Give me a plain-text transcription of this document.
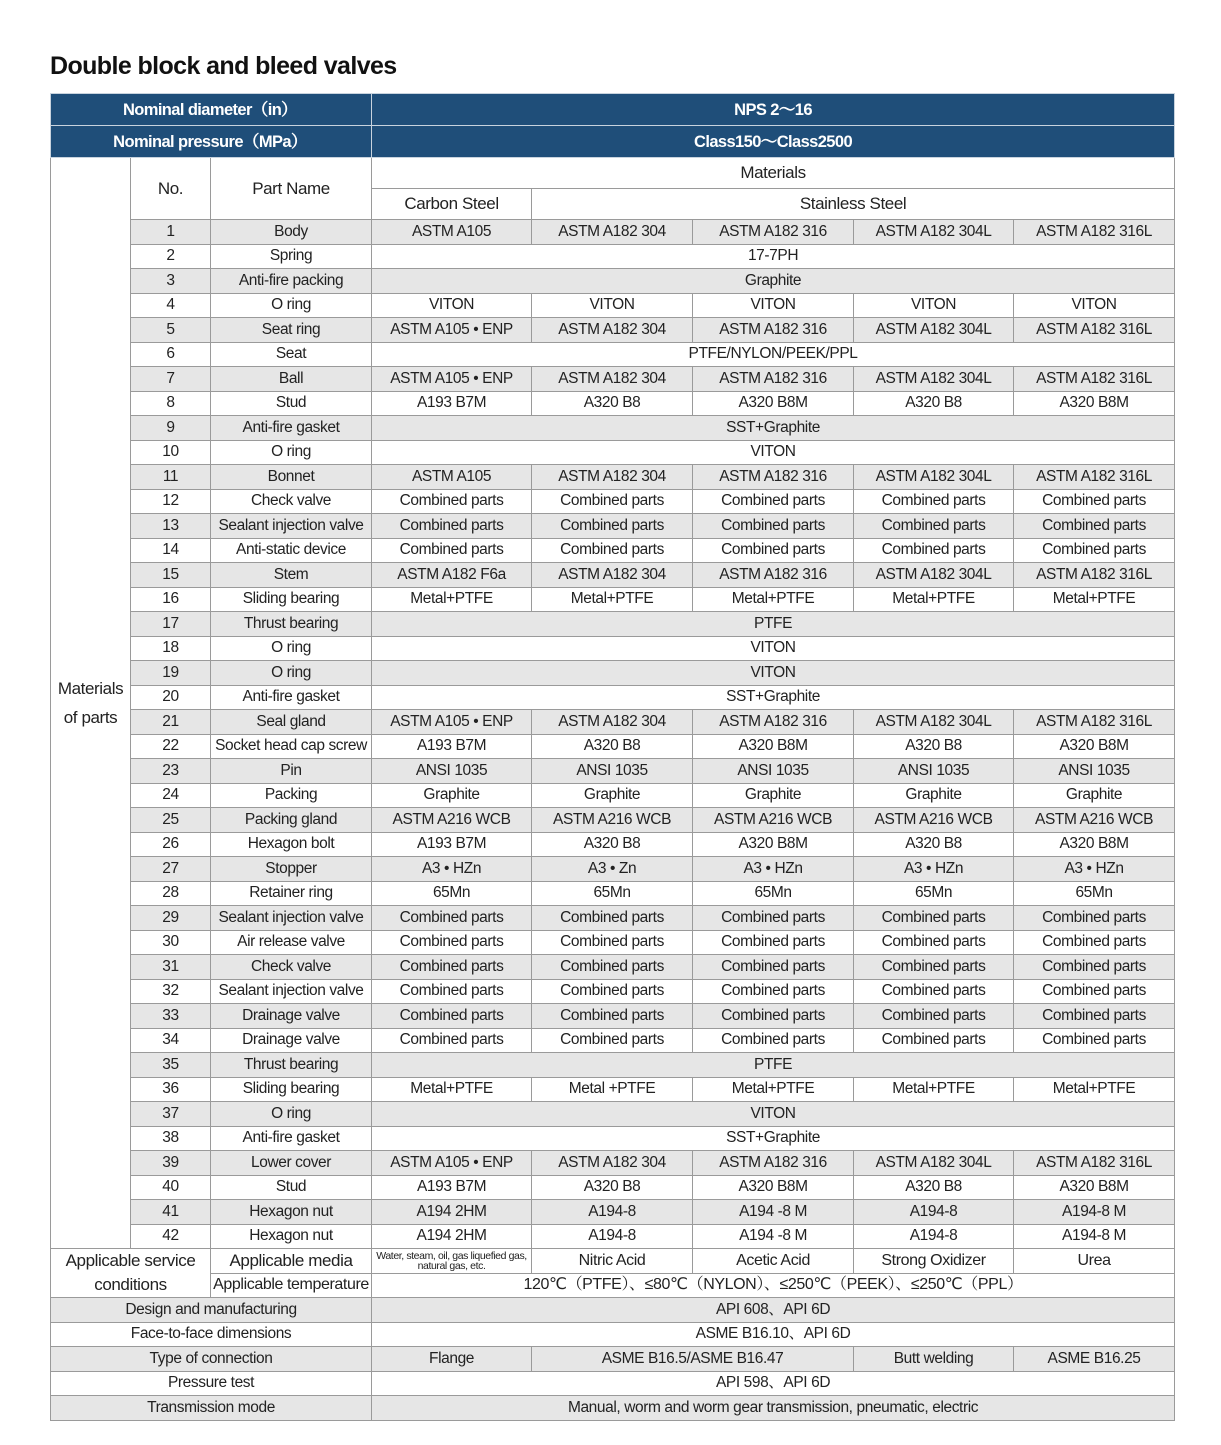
Double block and bleed valves
Nominal diameter（in）			NPS 2～16				
Nominal pressure（MPa）			Class150～Class2500				
Materials of parts	No.	Part Name	Materials				
			Carbon Steel	Stainless Steel			
	1	Body	ASTM A105	ASTM A182 304	ASTM A182 316	ASTM A182 304L	ASTM A182 316L
	2	Spring	17-7PH				
	3	Anti-fire packing	Graphite				
	4	O ring	VITON	VITON	VITON	VITON	VITON
	5	Seat ring	ASTM A105 • ENP	ASTM A182 304	ASTM A182 316	ASTM A182 304L	ASTM A182 316L
	6	Seat	PTFE/NYLON/PEEK/PPL				
	7	Ball	ASTM A105 • ENP	ASTM A182 304	ASTM A182 316	ASTM A182 304L	ASTM A182 316L
	8	Stud	A193 B7M	A320 B8	A320 B8M	A320 B8	A320 B8M
	9	Anti-fire gasket	SST+Graphite				
	10	O ring	VITON				
	11	Bonnet	ASTM A105	ASTM A182 304	ASTM A182 316	ASTM A182 304L	ASTM A182 316L
	12	Check valve	Combined parts	Combined parts	Combined parts	Combined parts	Combined parts
	13	Sealant injection valve	Combined parts	Combined parts	Combined parts	Combined parts	Combined parts
	14	Anti-static device	Combined parts	Combined parts	Combined parts	Combined parts	Combined parts
	15	Stem	ASTM A182 F6a	ASTM A182 304	ASTM A182 316	ASTM A182 304L	ASTM A182 316L
	16	Sliding bearing	Metal+PTFE	Metal+PTFE	Metal+PTFE	Metal+PTFE	Metal+PTFE
	17	Thrust bearing	PTFE				
	18	O ring	VITON				
	19	O ring	VITON				
	20	Anti-fire gasket	SST+Graphite				
	21	Seal gland	ASTM A105 • ENP	ASTM A182 304	ASTM A182 316	ASTM A182 304L	ASTM A182 316L
	22	Socket head cap screw	A193 B7M	A320 B8	A320 B8M	A320 B8	A320 B8M
	23	Pin	ANSI 1035	ANSI 1035	ANSI 1035	ANSI 1035	ANSI 1035
	24	Packing	Graphite	Graphite	Graphite	Graphite	Graphite
	25	Packing gland	ASTM A216 WCB	ASTM A216 WCB	ASTM A216 WCB	ASTM A216 WCB	ASTM A216 WCB
	26	Hexagon bolt	A193 B7M	A320 B8	A320 B8M	A320 B8	A320 B8M
	27	Stopper	A3 • HZn	A3 • Zn	A3 • HZn	A3 • HZn	A3 • HZn
	28	Retainer ring	65Mn	65Mn	65Mn	65Mn	65Mn
	29	Sealant injection valve	Combined parts	Combined parts	Combined parts	Combined parts	Combined parts
	30	Air release valve	Combined parts	Combined parts	Combined parts	Combined parts	Combined parts
	31	Check valve	Combined parts	Combined parts	Combined parts	Combined parts	Combined parts
	32	Sealant injection valve	Combined parts	Combined parts	Combined parts	Combined parts	Combined parts
	33	Drainage valve	Combined parts	Combined parts	Combined parts	Combined parts	Combined parts
	34	Drainage valve	Combined parts	Combined parts	Combined parts	Combined parts	Combined parts
	35	Thrust bearing	PTFE				
	36	Sliding bearing	Metal+PTFE	Metal +PTFE	Metal+PTFE	Metal+PTFE	Metal+PTFE
	37	O ring	VITON				
	38	Anti-fire gasket	SST+Graphite				
	39	Lower cover	ASTM A105 • ENP	ASTM A182 304	ASTM A182 316	ASTM A182 304L	ASTM A182 316L
	40	Stud	A193 B7M	A320 B8	A320 B8M	A320 B8	A320 B8M
	41	Hexagon nut	A194 2HM	A194-8	A194 -8 M	A194-8	A194-8 M
	42	Hexagon nut	A194 2HM	A194-8	A194 -8 M	A194-8	A194-8 M
Applicable service conditions		Applicable media	Water, steam, oil, gas liquefied gas, natural gas, etc.	Nitric Acid	Acetic Acid	Strong Oxidizer	Urea
		Applicable temperature	120℃（PTFE）、≤80℃（NYLON）、≤250℃（PEEK）、≤250℃（PPL）				
Design and manufacturing			API 608、API 6D				
Face-to-face dimensions			ASME B16.10、API 6D				
Type of connection			Flange	ASME B16.5/ASME B16.47		Butt welding	ASME B16.25
Pressure test			API 598、API 6D				
Transmission mode			Manual, worm and worm gear transmission, pneumatic, electric				
